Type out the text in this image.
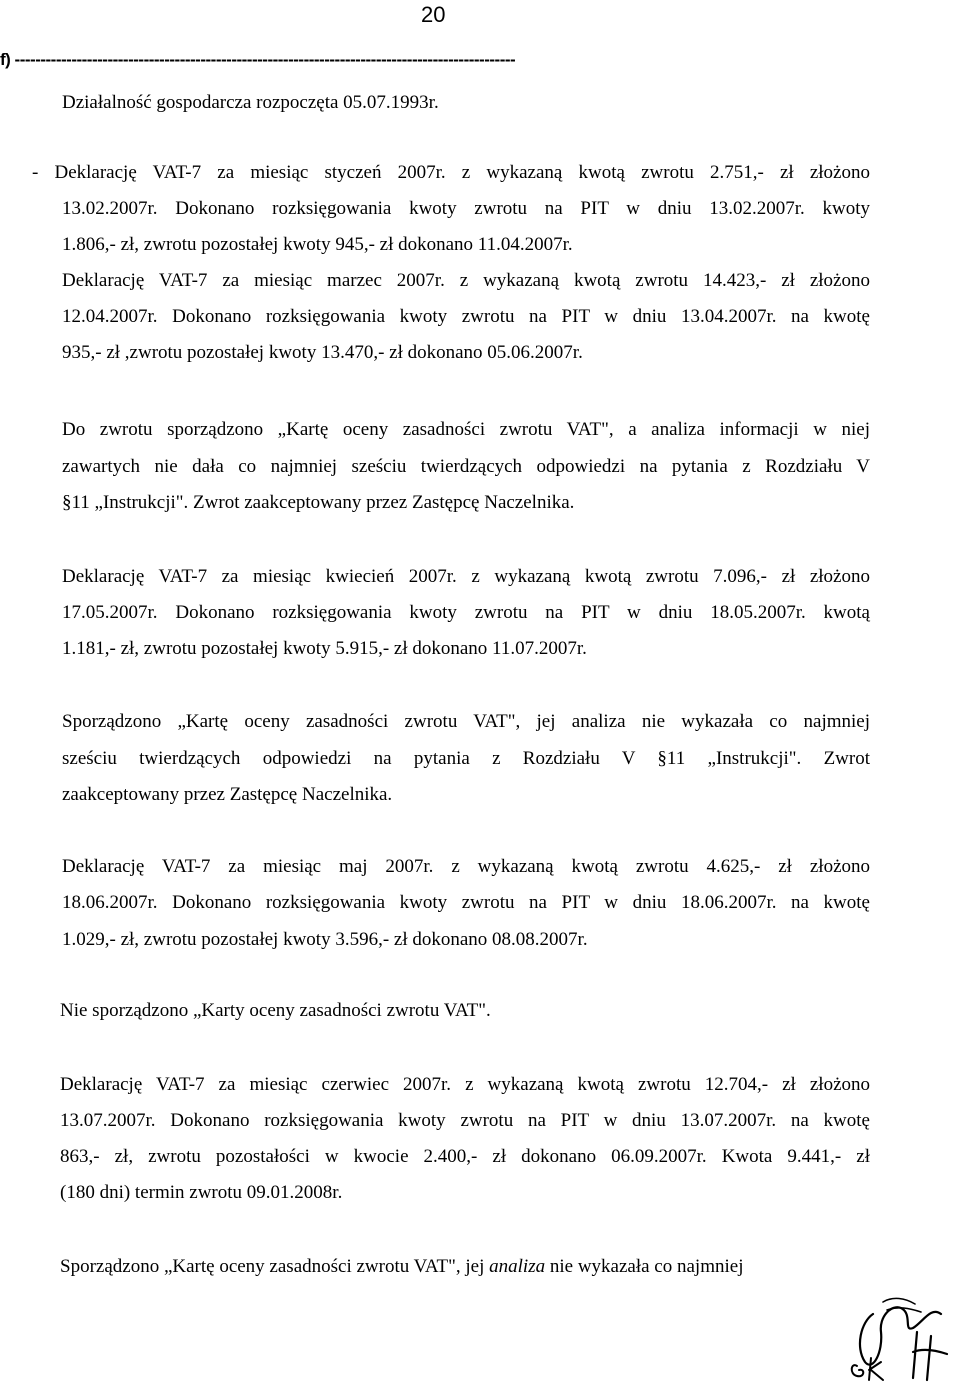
20
f) -------------------------------------------------------------------------------------------------
Działalność gospodarcza rozpoczęta 05.07.1993r.
- Deklarację VAT-7 za miesiąc styczeń 2007r. z wykazaną kwotą zwrotu 2.751,- zł złożono
13.02.2007r. Dokonano rozksięgowania kwoty zwrotu na PIT w dniu 13.02.2007r. kwoty
1.806,- zł, zwrotu pozostałej kwoty 945,- zł dokonano 11.04.2007r.
Deklarację VAT-7 za miesiąc marzec 2007r. z wykazaną kwotą zwrotu 14.423,- zł złożono
12.04.2007r. Dokonano rozksięgowania kwoty zwrotu na PIT w dniu 13.04.2007r. na kwotę
935,- zł ,zwrotu pozostałej kwoty 13.470,- zł dokonano 05.06.2007r.
Do zwrotu sporządzono „Kartę oceny zasadności zwrotu VAT", a analiza informacji w niej
zawartych nie dała co najmniej sześciu twierdzących odpowiedzi na pytania z Rozdziału V
§11 „Instrukcji". Zwrot zaakceptowany przez Zastępcę Naczelnika.
Deklarację VAT-7 za miesiąc kwiecień 2007r. z wykazaną kwotą zwrotu 7.096,- zł złożono
17.05.2007r. Dokonano rozksięgowania kwoty zwrotu na PIT w dniu 18.05.2007r. kwotą
1.181,- zł, zwrotu pozostałej kwoty 5.915,- zł dokonano 11.07.2007r.
Sporządzono „Kartę oceny zasadności zwrotu VAT", jej analiza nie wykazała co najmniej
sześciu twierdzących odpowiedzi na pytania z Rozdziału V §11 „Instrukcji". Zwrot
zaakceptowany przez Zastępcę Naczelnika.
Deklarację VAT-7 za miesiąc maj 2007r. z wykazaną kwotą zwrotu 4.625,- zł złożono
18.06.2007r. Dokonano rozksięgowania kwoty zwrotu na PIT w dniu 18.06.2007r. na kwotę
1.029,- zł, zwrotu pozostałej kwoty 3.596,- zł dokonano 08.08.2007r.
Nie sporządzono „Karty oceny zasadności zwrotu VAT".
Deklarację VAT-7 za miesiąc czerwiec 2007r. z wykazaną kwotą zwrotu 12.704,- zł złożono
13.07.2007r. Dokonano rozksięgowania kwoty zwrotu na PIT w dniu 13.07.2007r. na kwotę
863,- zł, zwrotu pozostałości w kwocie 2.400,- zł dokonano 06.09.2007r. Kwota 9.441,- zł
(180 dni) termin zwrotu 09.01.2008r.
Sporządzono „Kartę oceny zasadności zwrotu VAT", jej analiza nie wykazała co najmniej
